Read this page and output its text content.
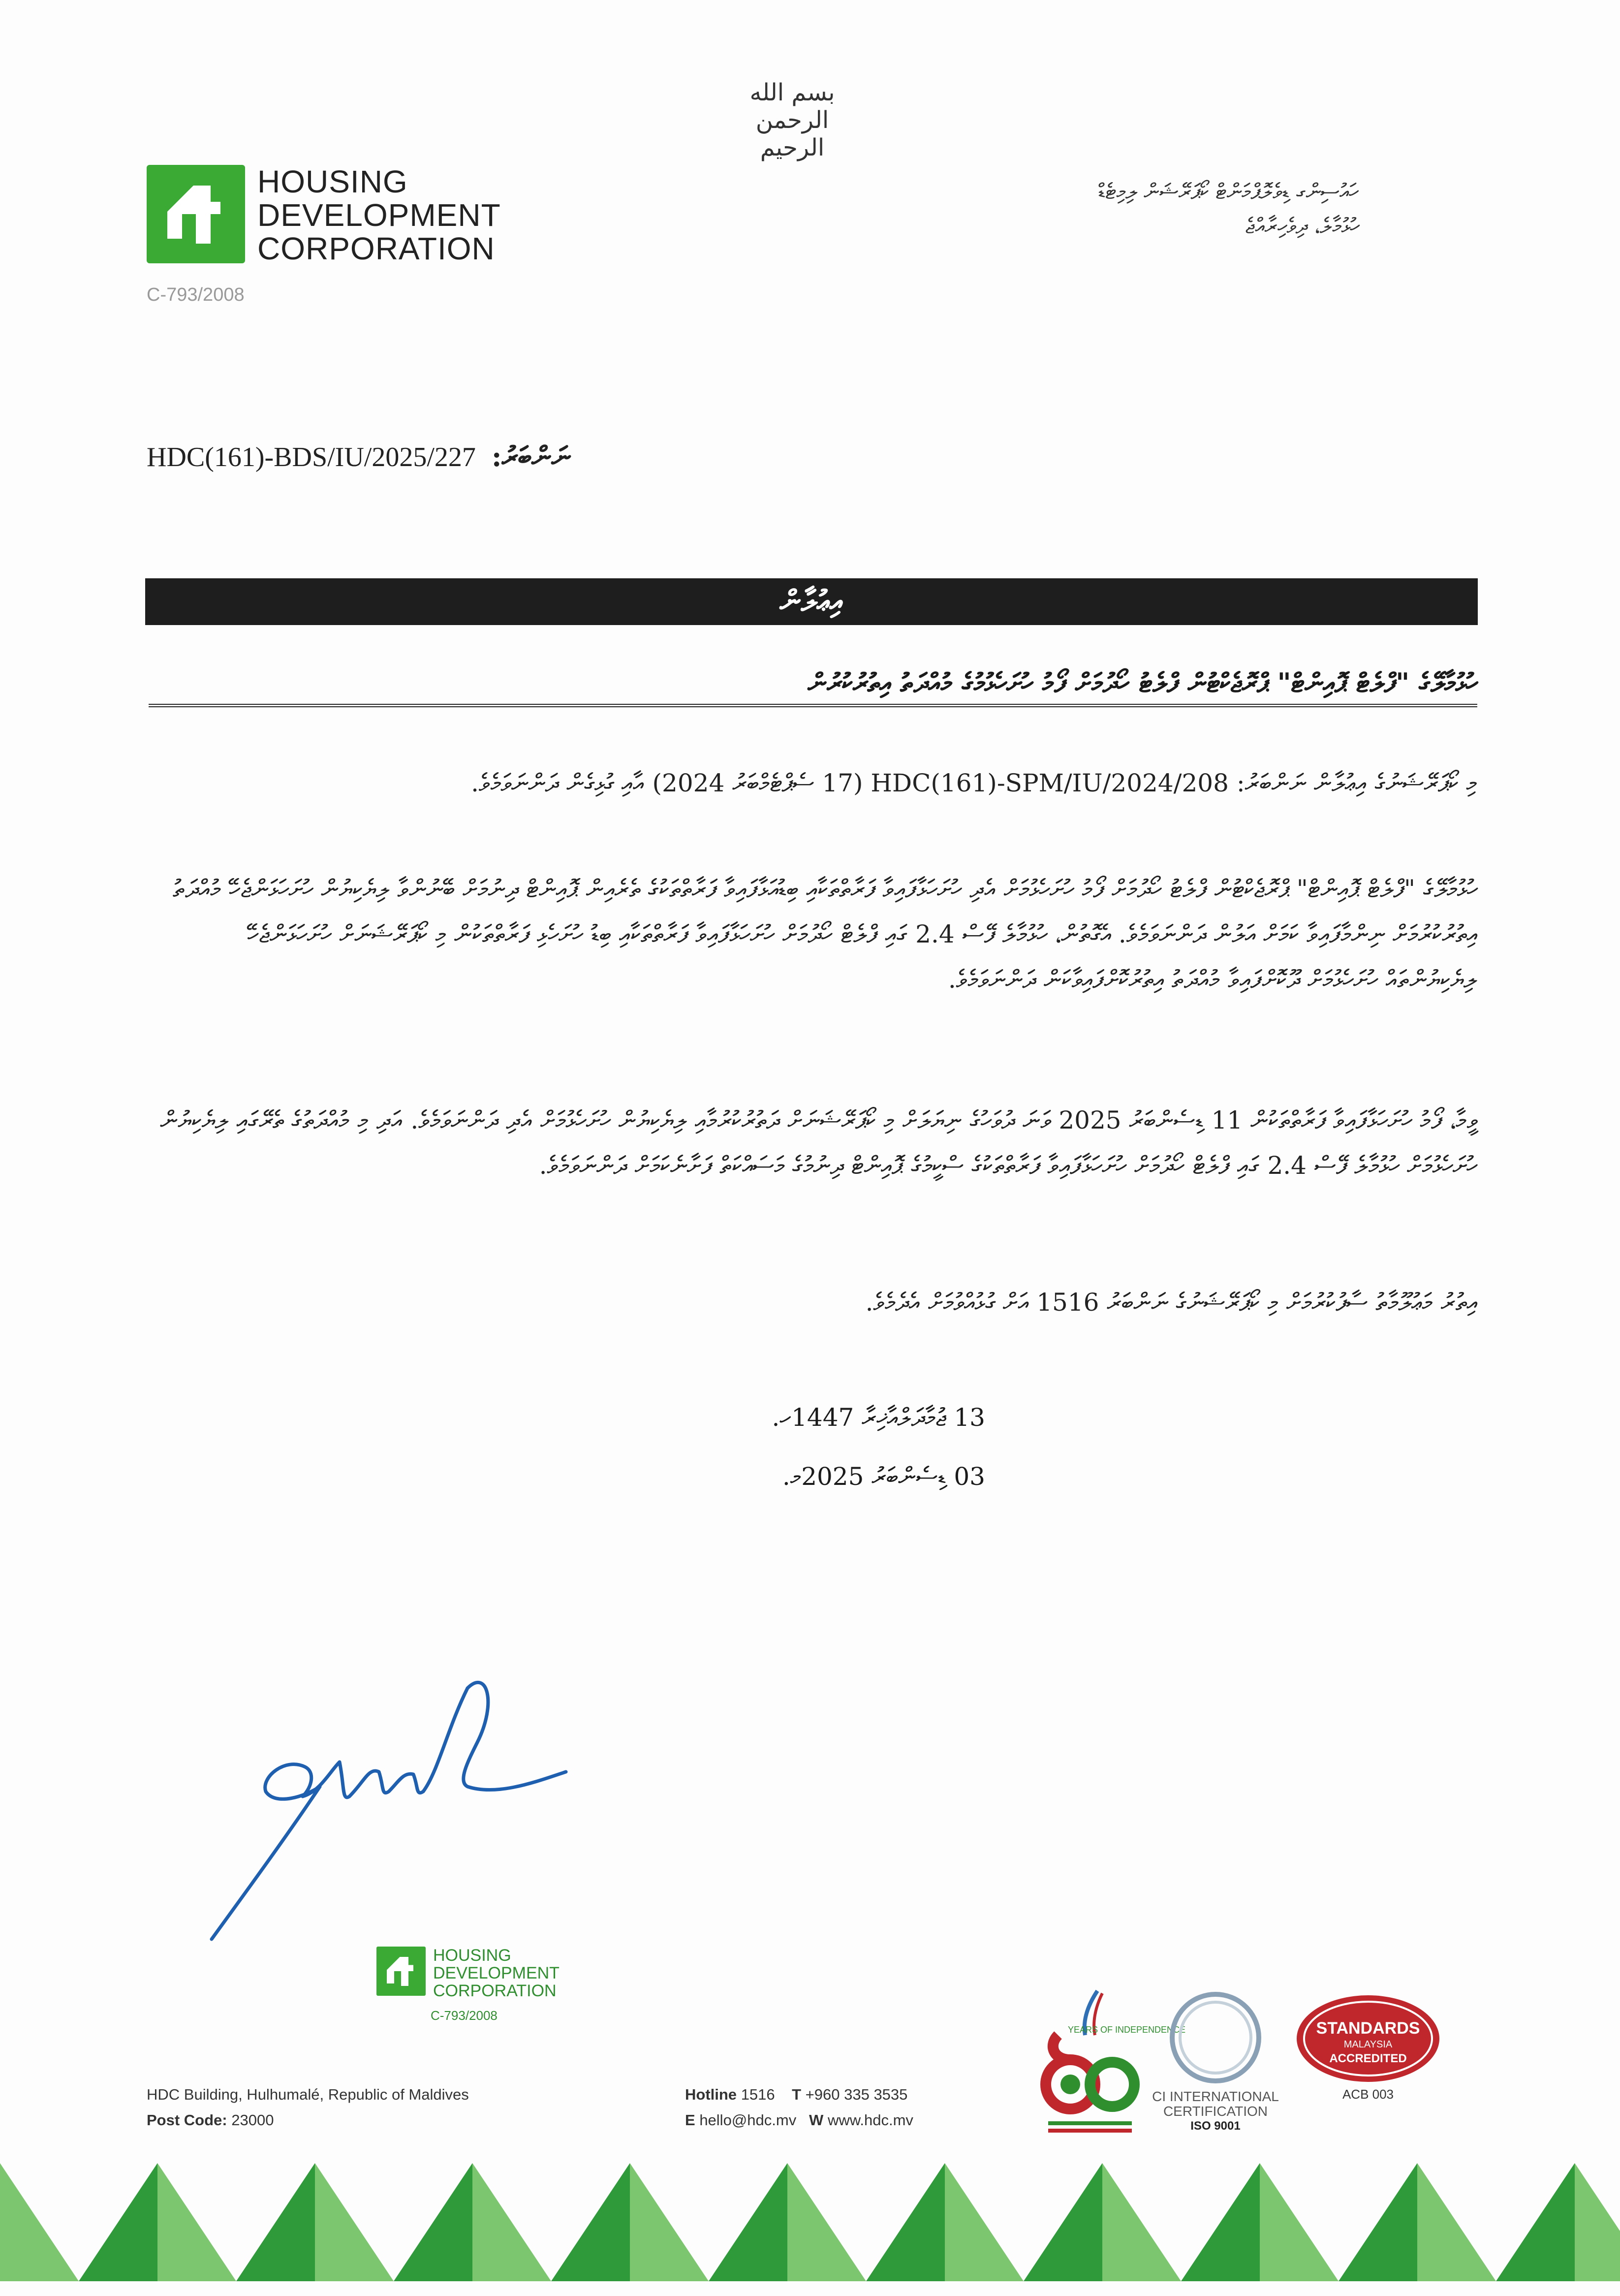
بسم الله الرحمن الرحيم
HOUSING
DEVELOPMENT
CORPORATION
C-793/2008
ހައުސިންގ ޑިވެލޮޕްމަންޓް ކޯޕަރޭޝަން ލިމިޓެޑް
ހުޅުމާލެ، ދިވެހިރާއްޖެ
HDC(161)-BDS/IU/2025/227 ނަންބަރު:
އިޢުލާން
ހުޅުމާލޭގެ "ފްލެޓް ޕޮއިންޓް" ޕްރޮޖެކްޓުން ފްލެޓު ހޯދުމަށް ފޯމު ހުށަހެޅުމުގެ މުއްދަތު އިތުރުކުރުން
މި ކޯޕަރޭޝަނުގެ އިޢުލާން ނަންބަރު: HDC(161)-SPM/IU/2024/208 (17 ސެޕްޓެމްބަރު 2024) އާއި ގުޅިގެން ދަންނަވަމެވެ.
ހުޅުމާލޭގެ "ފްލެޓް ޕޮއިންޓް" ޕްރޮޖެކްޓުން ފްލެޓު ހޯދުމަށް ފޯމު ހުށަހެޅުމަށް އެދި ހުށަހަޅާފައިވާ ފަރާތްތަކާއި ބިޑުއަޅާފައިވާ ފަރާތްތަކުގެ ތެރެއިން ޕޮއިންޓް ދިނުމަށް ބޭނުންވާ ލިޔެކިޔުން ހުށަހަޅަންޖެހޭ މުއްދަތު އިތުރުކުރުމަށް ނިންމާފައިވާ ކަމަށް އަލުން ދަންނަވަމެވެ. އެގޮތުން، ހުޅުމާލެ ފޭސް 2.4 ގައި ފްލެޓް ހޯދުމަށް ހުށަހަޅާފައިވާ ފަރާތްތަކާއި ބިޑު ހުށަހެޅި ފަރާތްތަކުން މި ކޯޕަރޭޝަނަށް ހުށަހަޅަންޖެހޭ ލިޔެކިޔުންތައް ހުށަހެޅުމަށް ދޫކޮށްފައިވާ މުއްދަތު އިތުރުކޮށްފައިވާކަން ދަންނަވަމެވެ.
ވީމާ، ފޯމު ހުށަހަޅާފައިވާ ފަރާތްތަކުން 11 ޑިސެންބަރު 2025 ވަނަ ދުވަހުގެ ނިޔަލަށް މި ކޯޕަރޭޝަނަށް ދަތުރުކުރުމާއި ލިޔެކިޔުން ހުށަހެޅުމަށް އެދި ދަންނަވަމެވެ. އަދި މި މުއްދަތުގެ ތެރޭގައި ލިޔެކިޔުން ހުށަހެޅުމަށް ހުޅުމާލެ ފޭސް 2.4 ގައި ފްލެޓް ހޯދުމަށް ހުށަހަޅާފައިވާ ފަރާތްތަކުގެ ސްކީމުގެ ޕޮއިންޓް ދިނުމުގެ މަސައްކަތް ފަށާނެކަމަށް ދަންނަވަމެވެ.
އިތުރު މަޢުލޫމާތު ސާފުކުރުމަށް މި ކޯޕަރޭޝަނުގެ ނަންބަރު 1516 އަށް ގުޅުއްވުމަށް އެދެމެވެ.
13 ޖުމާދަލްއާޚިރާ 1447ހ.
03 ޑިސެންބަރު 2025މ.
HOUSING
DEVELOPMENT
CORPORATION
C-793/2008
HDC Building, Hulhumalé, Republic of Maldives
Post Code: 23000
Hotline 1516 T +960 335 3535
E hello@hdc.mv W www.hdc.mv
YEARS OF INDEPENDENCE
CI INTERNATIONAL
CERTIFICATION
ISO 9001
STANDARDS
MALAYSIA
ACCREDITED
ACB 003
